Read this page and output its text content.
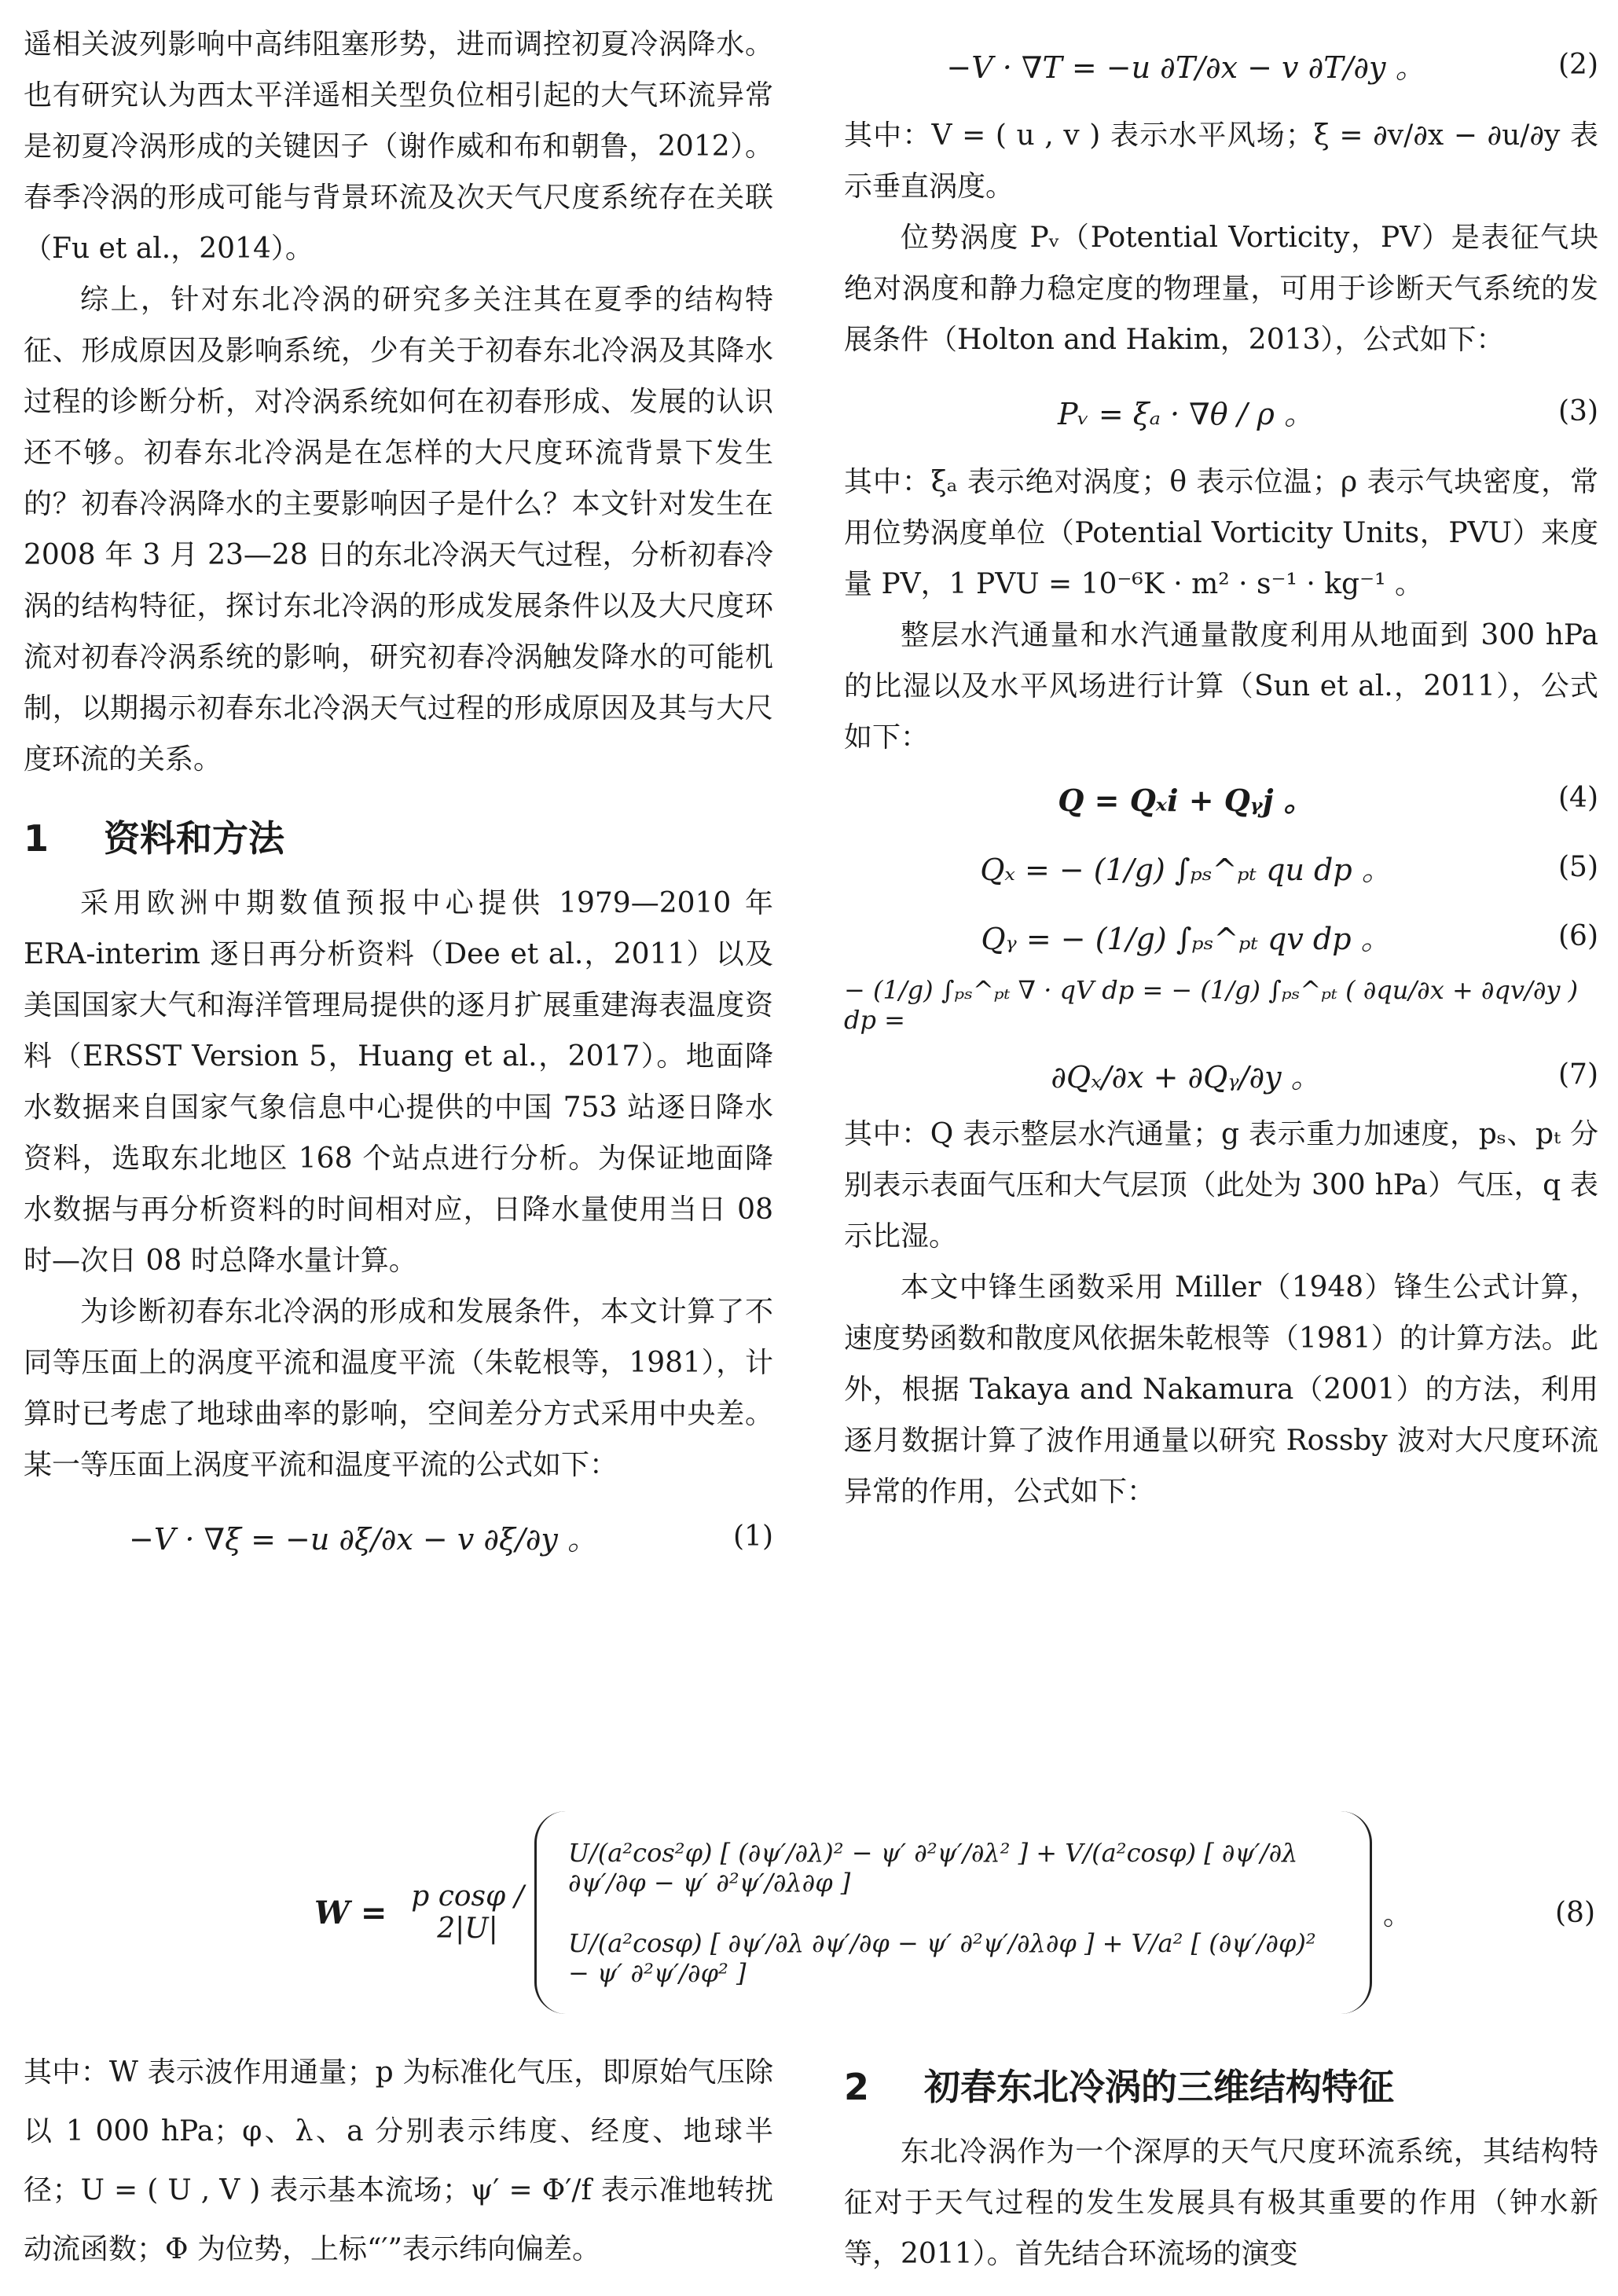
遥相关波列影响中高纬阻塞形势，进而调控初夏冷涡降水。也有研究认为西太平洋遥相关型负位相引起的大气环流异常是初夏冷涡形成的关键因子（谢作威和布和朝鲁，2012）。春季冷涡的形成可能与背景环流及次天气尺度系统存在关联（Fu et al.，2014）。

综上，针对东北冷涡的研究多关注其在夏季的结构特征、形成原因及影响系统，少有关于初春东北冷涡及其降水过程的诊断分析，对冷涡系统如何在初春形成、发展的认识还不够。初春东北冷涡是在怎样的大尺度环流背景下发生的？初春冷涡降水的主要影响因子是什么？本文针对发生在 2008 年 3 月 23—28 日的东北冷涡天气过程，分析初春冷涡的结构特征，探讨东北冷涡的形成发展条件以及大尺度环流对初春冷涡系统的影响，研究初春冷涡触发降水的可能机制，以期揭示初春东北冷涡天气过程的形成原因及其与大尺度环流的关系。

1 资料和方法

采用欧洲中期数值预报中心提供 1979—2010 年 ERA-interim 逐日再分析资料（Dee et al.，2011）以及美国国家大气和海洋管理局提供的逐月扩展重建海表温度资料（ERSST Version 5，Huang et al.，2017）。地面降水数据来自国家气象信息中心提供的中国 753 站逐日降水资料，选取东北地区 168 个站点进行分析。为保证地面降水数据与再分析资料的时间相对应，日降水量使用当日 08 时—次日 08 时总降水量计算。

为诊断初春东北冷涡的形成和发展条件，本文计算了不同等压面上的涡度平流和温度平流（朱乾根等，1981），计算时已考虑了地球曲率的影响，空间差分方式采用中央差。某一等压面上涡度平流和温度平流的公式如下：

−V · ∇ξ = −u ∂ξ/∂x − v ∂ξ/∂y 。	(1)
−V · ∇T = −u ∂T/∂x − v ∂T/∂y 。	(2)

其中：V = ( u , v ) 表示水平风场；ξ = ∂v/∂x − ∂u/∂y 表示垂直涡度。

位势涡度 Pᵥ（Potential Vorticity，PV）是表征气块绝对涡度和静力稳定度的物理量，可用于诊断天气系统的发展条件（Holton and Hakim，2013），公式如下：

Pᵥ = ξₐ · ∇θ / ρ 。	(3)

其中：ξₐ 表示绝对涡度；θ 表示位温；ρ 表示气块密度，常用位势涡度单位（Potential Vorticity Units，PVU）来度量 PV，1 PVU = 10⁻⁶K · m² · s⁻¹ · kg⁻¹ 。

整层水汽通量和水汽通量散度利用从地面到 300 hPa 的比湿以及水平风场进行计算（Sun et al.，2011），公式如下：

Q = Qₓi + Qᵧj 。	(4)
Qₓ = − (1/g) ∫ₚₛ^ₚₜ qu dp 。	(5)
Qᵧ = − (1/g) ∫ₚₛ^ₚₜ qv dp 。	(6)
− (1/g) ∫ₚₛ^ₚₜ ∇ · qV dp = − (1/g) ∫ₚₛ^ₚₜ ( ∂qu/∂x + ∂qv/∂y ) dp =
∂Qₓ/∂x + ∂Qᵧ/∂y 。	(7)

其中：Q 表示整层水汽通量；g 表示重力加速度，pₛ、pₜ 分别表示表面气压和大气层顶（此处为 300 hPa）气压，q 表示比湿。

本文中锋生函数采用 Miller（1948）锋生公式计算，速度势函数和散度风依据朱乾根等（1981）的计算方法。此外，根据 Takaya and Nakamura（2001）的方法，利用逐月数据计算了波作用通量以研究 Rossby 波对大尺度环流异常的作用，公式如下：

W = p cosφ / 2|U|
U/(a²cos²φ) [ (∂ψ′/∂λ)² − ψ′ ∂²ψ′/∂λ² ] + V/(a²cosφ) [ ∂ψ′/∂λ ∂ψ′/∂φ − ψ′ ∂²ψ′/∂λ∂φ ]
U/(a²cosφ) [ ∂ψ′/∂λ ∂ψ′/∂φ − ψ′ ∂²ψ′/∂λ∂φ ] + V/a² [ (∂ψ′/∂φ)² − ψ′ ∂²ψ′/∂φ² ]
。	(8)

其中：W 表示波作用通量；p 为标准化气压，即原始气压除以 1 000 hPa；φ、λ、a 分别表示纬度、经度、地球半径；U = ( U , V ) 表示基本流场；ψ′ = Φ′/f 表示准地转扰动流函数；Φ 为位势，上标“′”表示纬向偏差。

2 初春东北冷涡的三维结构特征

东北冷涡作为一个深厚的天气尺度环流系统，其结构特征对于天气过程的发生发展具有极其重要的作用（钟水新等，2011）。首先结合环流场的演变
